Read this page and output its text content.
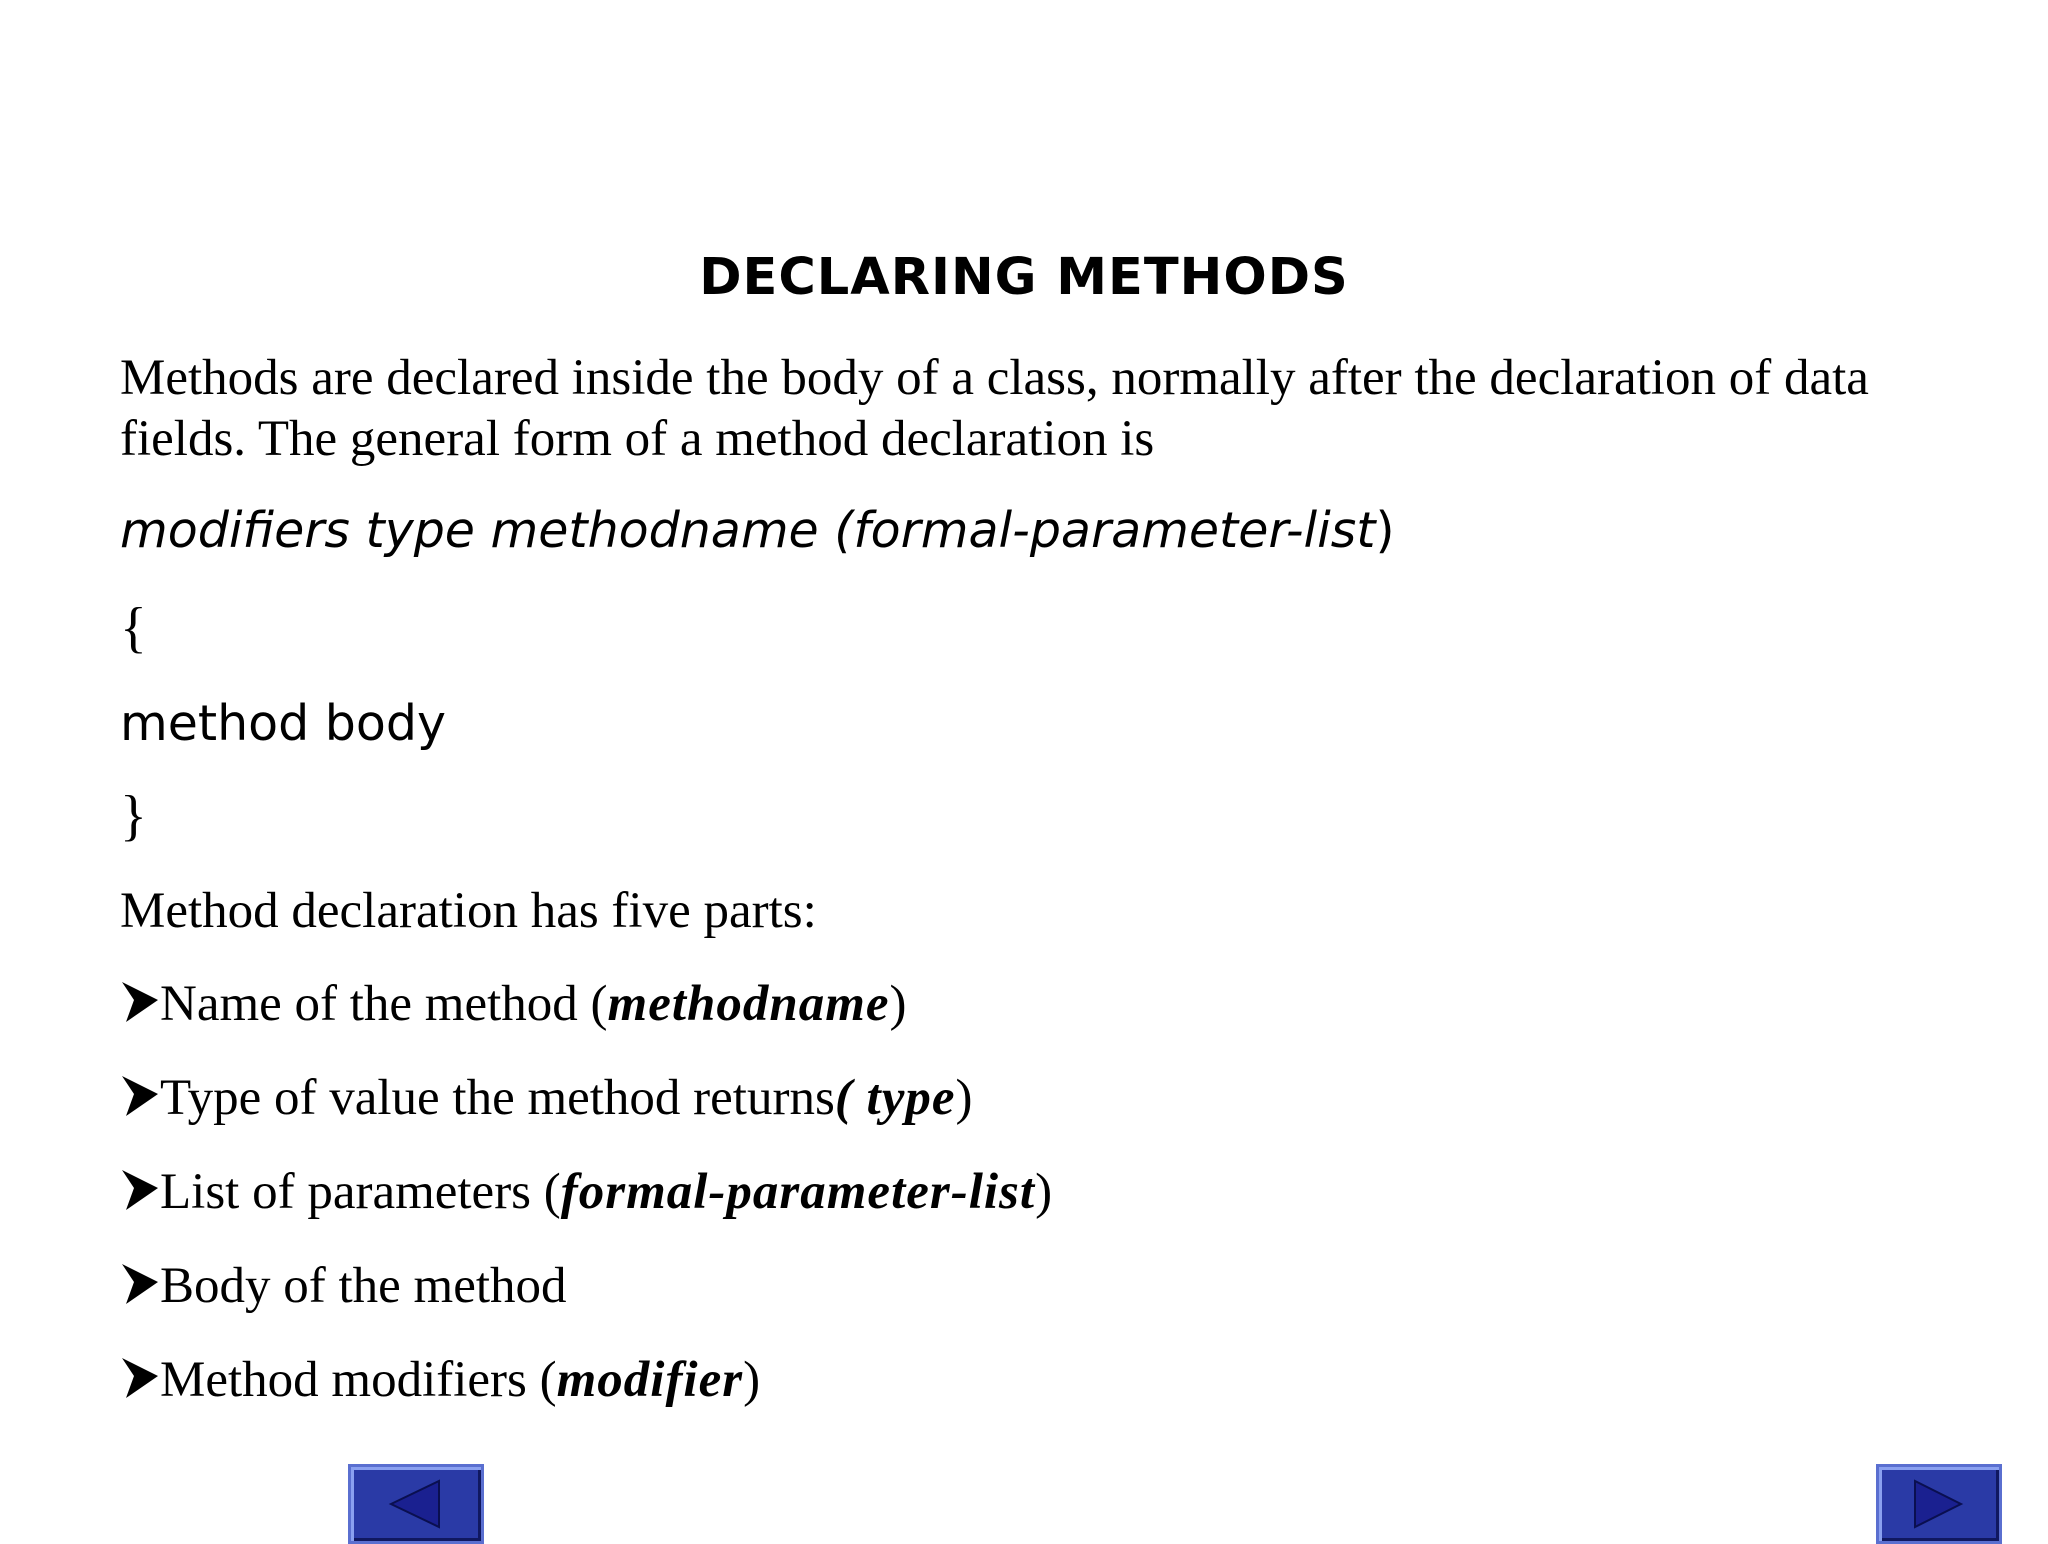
DECLARING METHODS

Methods are declared inside the body of a class, normally after the declaration of data fields. The general form of a method declaration is

modifiers type methodname (formal-parameter-list)

{

method body

}

Method declaration has five parts:

Name of the method ( methodname )
Type of value the method returns ( type )
List of parameters ( formal-parameter-list )
Body of the method
Method modifiers ( modifier )
